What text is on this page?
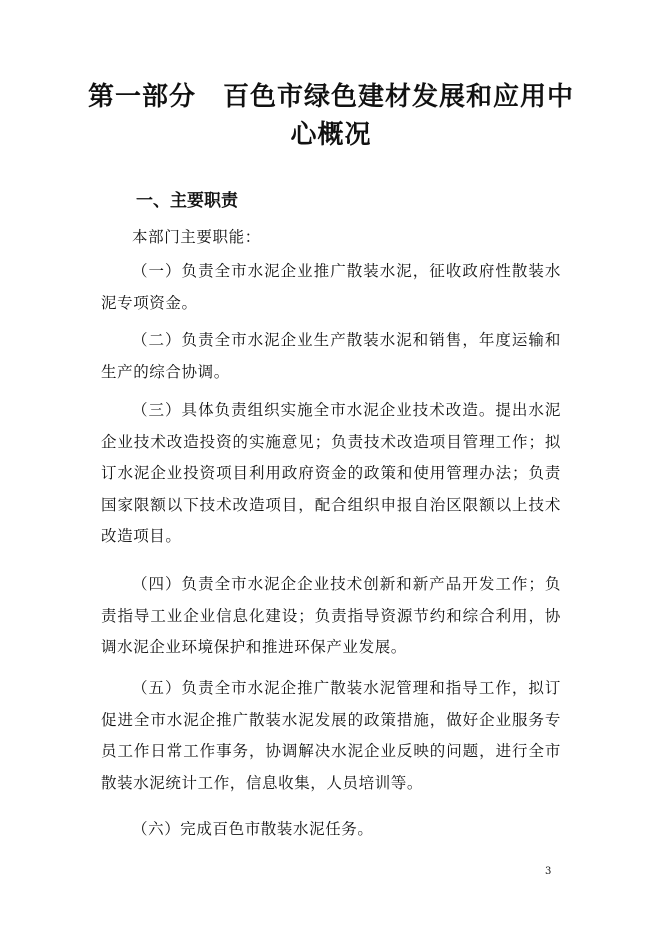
第一部分　百色市绿色建材发展和应用中
心概况
一、主要职责

本部门主要职能：

（一）负责全市水泥企业推广散装水泥，征收政府性散装水泥专项资金。

（二）负责全市水泥企业生产散装水泥和销售，年度运输和生产的综合协调。

（三）具体负责组织实施全市水泥企业技术改造。提出水泥企业技术改造投资的实施意见；负责技术改造项目管理工作；拟订水泥企业投资项目利用政府资金的政策和使用管理办法；负责国家限额以下技术改造项目，配合组织申报自治区限额以上技术改造项目。

（四）负责全市水泥企企业技术创新和新产品开发工作；负责指导工业企业信息化建设；负责指导资源节约和综合利用，协调水泥企业环境保护和推进环保产业发展。

（五）负责全市水泥企推广散装水泥管理和指导工作，拟订促进全市水泥企推广散装水泥发展的政策措施，做好企业服务专员工作日常工作事务，协调解决水泥企业反映的问题，进行全市散装水泥统计工作，信息收集，人员培训等。

（六）完成百色市散装水泥任务。

3
